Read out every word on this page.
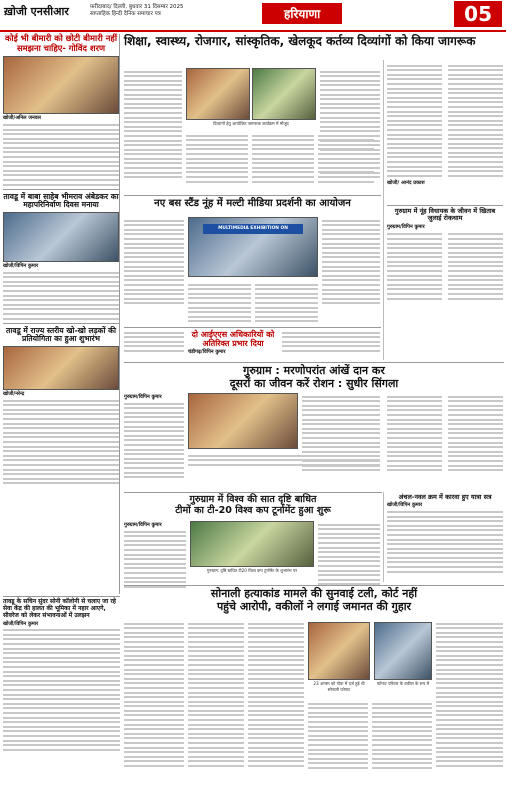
ख़ोजी एनसीआर	फ़रीदाबाद/ दिल्ली, बुधवार 31 दिसम्बर 2025
साप्ताहिक हिन्दी दैनिक समाचार पत्र	हरियाणा	05
कोई भी बीमारी को छोटी बीमारी नहीं समझना चाहिए- गोविंद शरण
खोजी/अनिल जनवल
तावडू में बाबा साहेब भीमराव अंबेडकर का महापरिनिर्वाण दिवस मनाया
खोजी/विपिन कुमार
तावडू में राज्य स्तरीय खो-खो लड़कों की प्रतियोगिता का हुआ शुभारंभ
खोजी/नरेन्द्र
तावडू के सचिन सुंदर सोनी कॉलोनी से चलाए जा रहे सेवा केंद्र की हालत की भूमिका में नहार आएगे, सीवरेज को लेकर संभावनाओं में उलझन
खोजी/विपिन कुमार
शिक्षा, स्वास्थ्य, रोजगार, सांस्कृतिक, खेलकूद कर्तव्य दिव्यांगों को किया जागरूक
दिव्यांगों हेतु आयोजित जागरूक कार्यक्रम में मौजूद
खोजी/ आनंद प्रकाश
गुरुग्राम में नूंह विधायक के जीवन में खिताब जुलाई रोकथाम
गुरुग्राम/विपिन कुमार
नए बस स्टैंड नूंह में मल्टी मीडिया प्रदर्शनी का आयोजन
MULTIMEDIA EXHIBITION ON
दो आईएएस अधिकारियों को अतिरिक्त प्रभार दिया
चंडीगढ़/विपिन कुमार
गुरुग्राम : मरणोपरांत आंखें दान कर
दूसरों का जीवन करें रोशन : सुधीर सिंगला
गुरुग्राम/विपिन कुमार
गुरुग्राम में विश्व की सात दृष्टि बाधित
टीमों का टी-20 विश्व कप टूर्नामेंट हुआ शुरू
गुरुग्राम/विपिन कुमार
गुरुग्राम: दृष्टि बाधित टी20 विश्व कप टूर्नामेंट के शुभारंभ पर
अंचल-नवल क्रम में कारवा हुए यात्रा सत्र
खोजी/विपिन कुमार
सोनाली हत्याकांड मामले की सुनवाई टली, कोर्ट नहीं
पहुंचे आरोपी, वकीलों ने लगाई जमानत की गुहार
23 अगस्त को गोवा में दर्ज हुई थी सोनाली फोगाट
फोगाट परिवार के वकील के रूप में
